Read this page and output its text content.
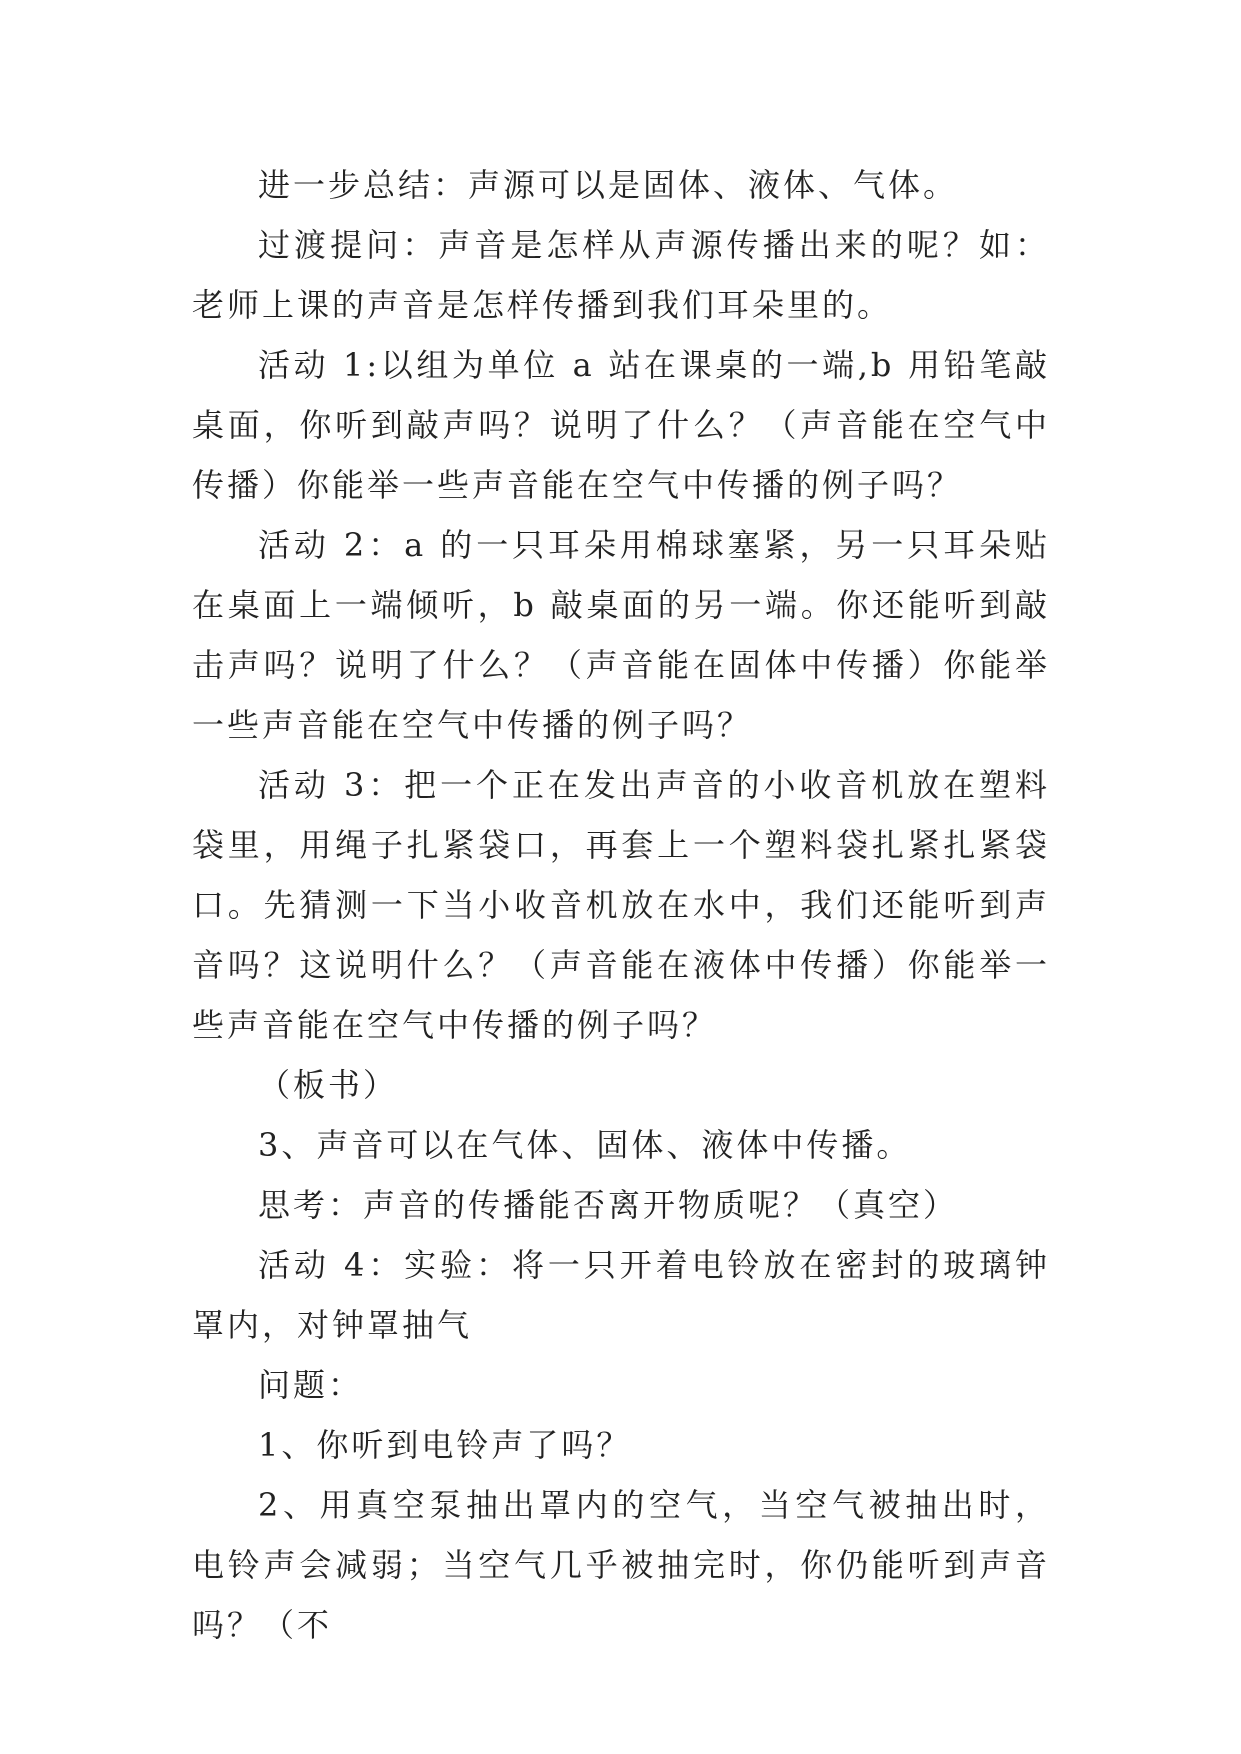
进一步总结：声源可以是固体、液体、气体。

过渡提问：声音是怎样从声源传播出来的呢？如：老师上课的声音是怎样传播到我们耳朵里的。

活动 1:以组为单位 a 站在课桌的一端,b 用铅笔敲桌面，你听到敲声吗？说明了什么？（声音能在空气中传播）你能举一些声音能在空气中传播的例子吗？

活动 2：a 的一只耳朵用棉球塞紧，另一只耳朵贴在桌面上一端倾听，b 敲桌面的另一端。你还能听到敲击声吗？说明了什么？（声音能在固体中传播）你能举一些声音能在空气中传播的例子吗？

活动 3：把一个正在发出声音的小收音机放在塑料袋里，用绳子扎紧袋口，再套上一个塑料袋扎紧扎紧袋口。先猜测一下当小收音机放在水中，我们还能听到声音吗？这说明什么？（声音能在液体中传播）你能举一些声音能在空气中传播的例子吗？

（板书）

3、声音可以在气体、固体、液体中传播。

思考：声音的传播能否离开物质呢？（真空）

活动 4：实验：将一只开着电铃放在密封的玻璃钟罩内，对钟罩抽气

问题：

1、你听到电铃声了吗？

2、用真空泵抽出罩内的空气，当空气被抽出时，电铃声会减弱；当空气几乎被抽完时，你仍能听到声音吗？（不
